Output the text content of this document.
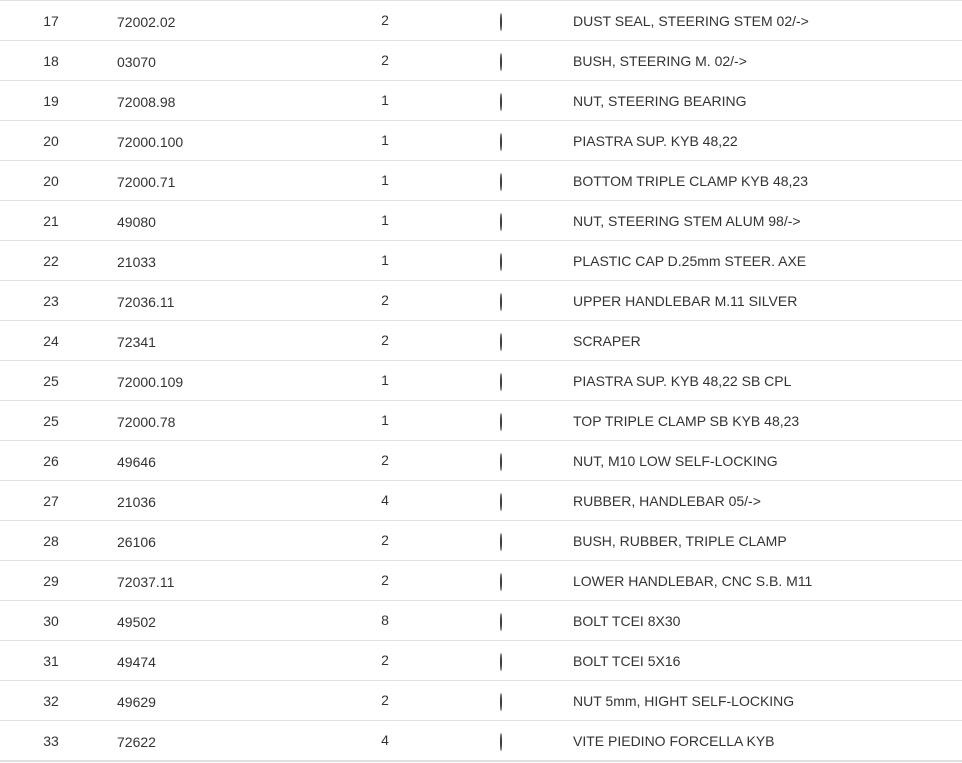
17	72002.02	2	DUST SEAL, STEERING STEM 02/->
18	03070	2	BUSH, STEERING M. 02/->
19	72008.98	1	NUT, STEERING BEARING
20	72000.100	1	PIASTRA SUP. KYB 48,22
20	72000.71	1	BOTTOM TRIPLE CLAMP KYB 48,23
21	49080	1	NUT, STEERING STEM ALUM 98/->
22	21033	1	PLASTIC CAP D.25mm STEER. AXE
23	72036.11	2	UPPER HANDLEBAR M.11 SILVER
24	72341	2	SCRAPER
25	72000.109	1	PIASTRA SUP. KYB 48,22 SB CPL
25	72000.78	1	TOP TRIPLE CLAMP SB KYB 48,23
26	49646	2	NUT, M10 LOW SELF-LOCKING
27	21036	4	RUBBER, HANDLEBAR 05/->
28	26106	2	BUSH, RUBBER, TRIPLE CLAMP
29	72037.11	2	LOWER HANDLEBAR, CNC S.B. M11
30	49502	8	BOLT TCEI 8X30
31	49474	2	BOLT TCEI 5X16
32	49629	2	NUT 5mm, HIGHT SELF-LOCKING
33	72622	4	VITE PIEDINO FORCELLA KYB
